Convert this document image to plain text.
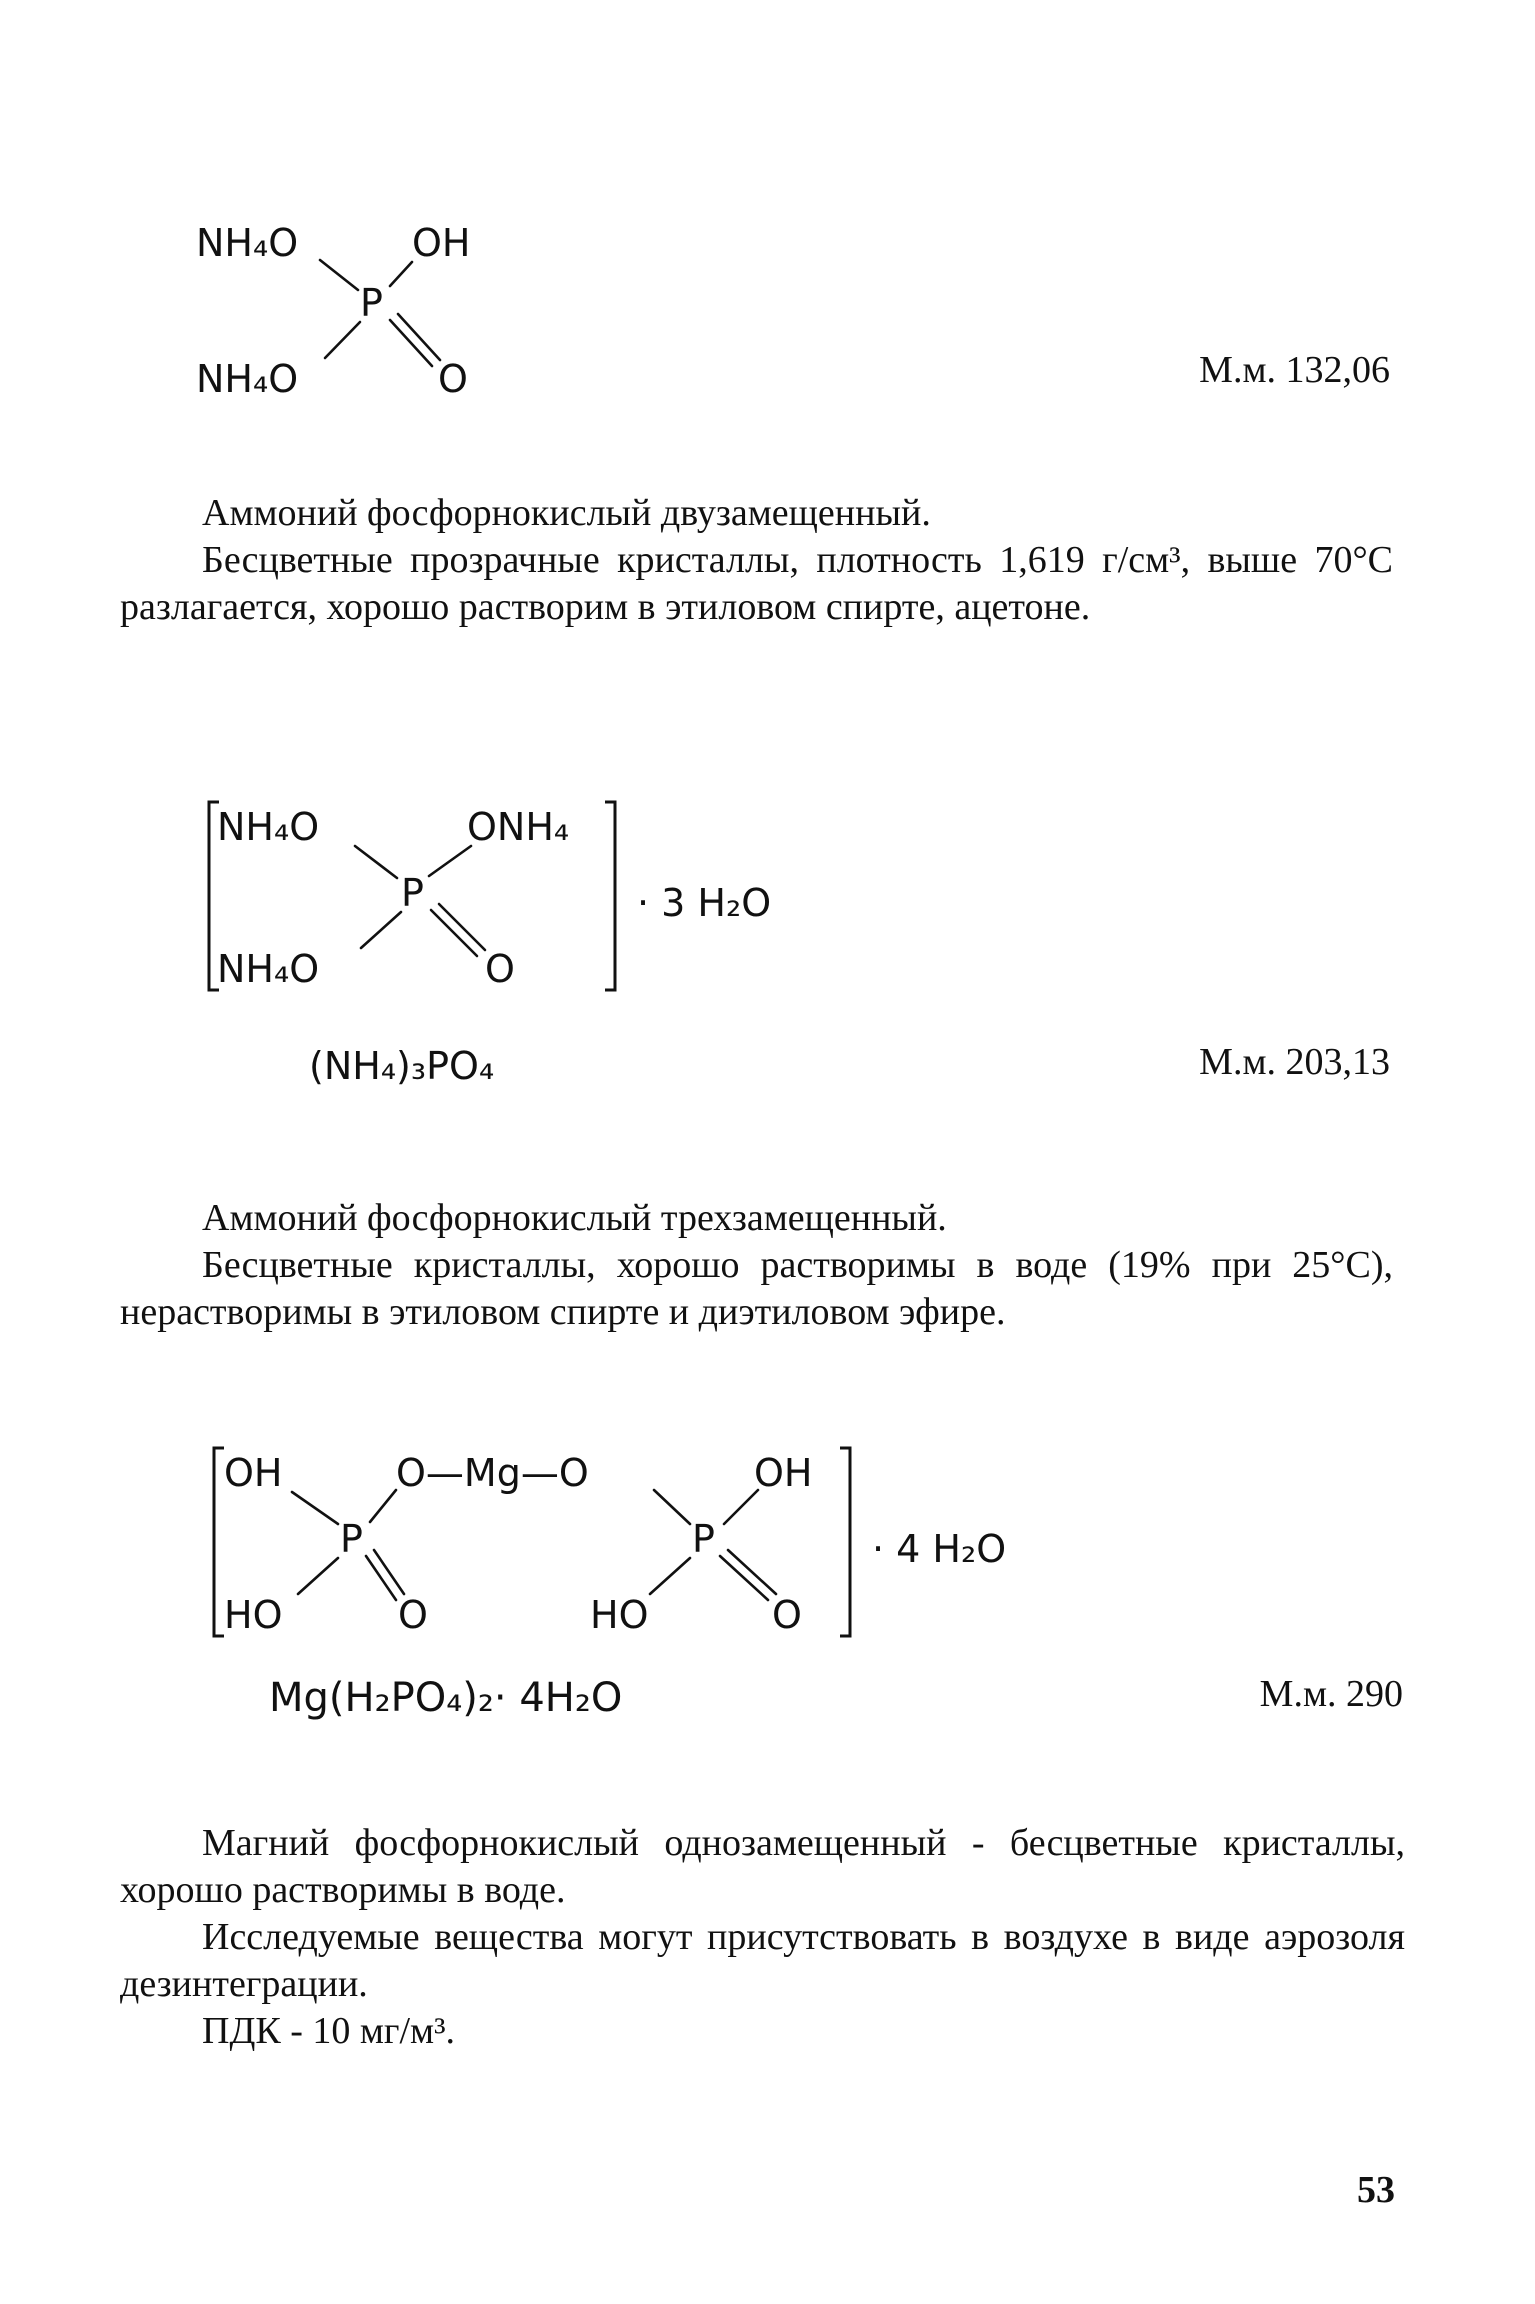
NH₄O	OH
P
NH₄O	O	М.м. 132,06

Аммоний фосфорнокислый двузамещенный.

Бесцветные прозрачные кристаллы, плотность 1,619 г/см³, выше 70°С разлагается, хорошо растворим в этиловом спирте, ацетоне.

NH₄O	ONH₄
P
NH₄O	O
· 3 H₂O
(NH₄)₃PO₄	М.м. 203,13

Аммоний фосфорнокислый трехзамещенный.

Бесцветные кристаллы, хорошо растворимы в воде (19% при 25°С), нерастворимы в этиловом спирте и диэтиловом эфире.

OH
P
HO	O
O—Mg—O	OH
P
HO	O
· 4 H₂O
Mg(H₂PO₄)₂· 4H₂O	М.м. 290

Магний фосфорнокислый однозамещенный - бесцветные кристаллы, хорошо растворимы в воде.

Исследуемые вещества могут присутствовать в воздухе в виде аэрозоля дезинтеграции.

ПДК - 10 мг/м³.

53
